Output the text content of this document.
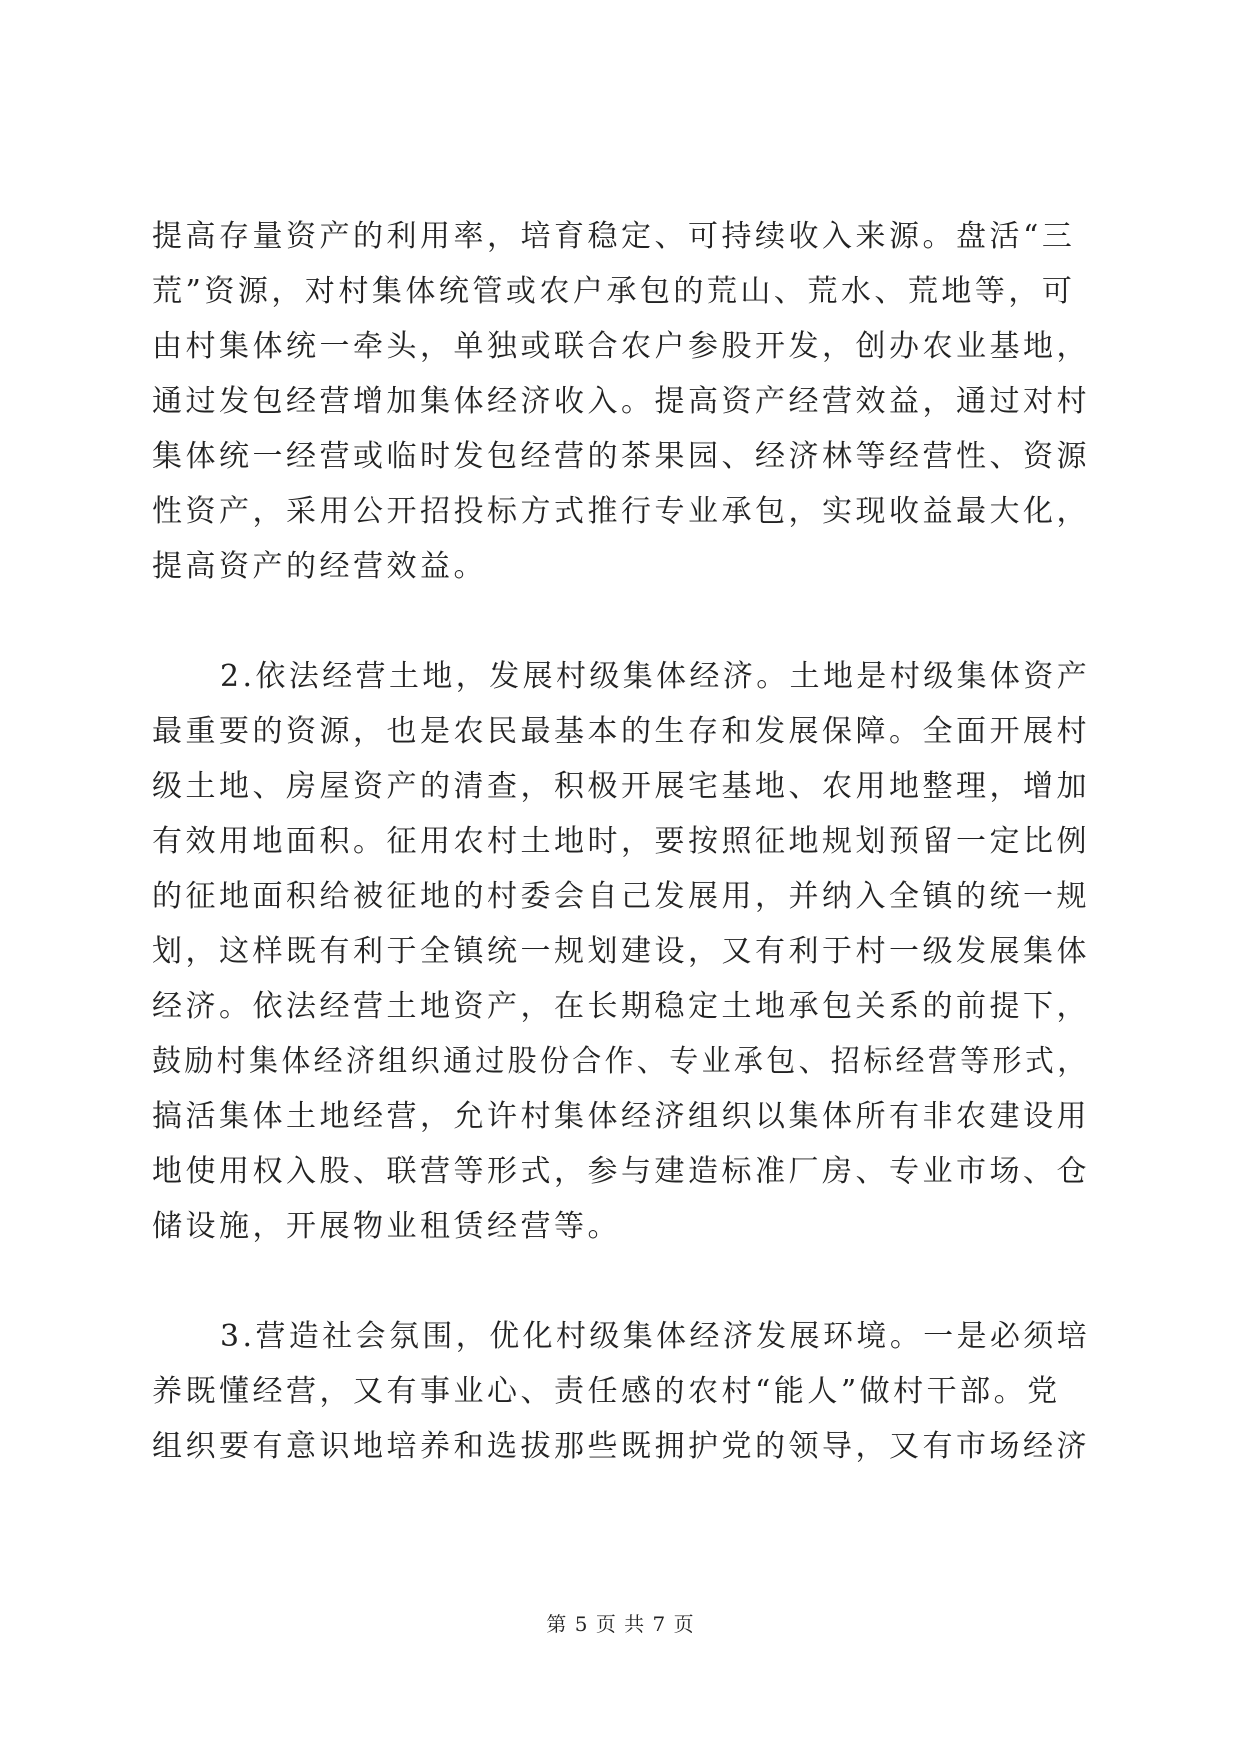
提高存量资产的利用率，培育稳定、可持续收入来源。盘活“三
荒”资源，对村集体统管或农户承包的荒山、荒水、荒地等，可
由村集体统一牵头，单独或联合农户参股开发，创办农业基地，
通过发包经营增加集体经济收入。提高资产经营效益，通过对村
集体统一经营或临时发包经营的茶果园、经济林等经营性、资源
性资产，采用公开招投标方式推行专业承包，实现收益最大化，
提高资产的经营效益。
2.依法经营土地，发展村级集体经济。土地是村级集体资产
最重要的资源，也是农民最基本的生存和发展保障。全面开展村
级土地、房屋资产的清查，积极开展宅基地、农用地整理，增加
有效用地面积。征用农村土地时，要按照征地规划预留一定比例
的征地面积给被征地的村委会自己发展用，并纳入全镇的统一规
划，这样既有利于全镇统一规划建设，又有利于村一级发展集体
经济。依法经营土地资产，在长期稳定土地承包关系的前提下，
鼓励村集体经济组织通过股份合作、专业承包、招标经营等形式，
搞活集体土地经营，允许村集体经济组织以集体所有非农建设用
地使用权入股、联营等形式，参与建造标准厂房、专业市场、仓
储设施，开展物业租赁经营等。
3.营造社会氛围，优化村级集体经济发展环境。一是必须培
养既懂经营，又有事业心、责任感的农村“能人”做村干部。党
组织要有意识地培养和选拔那些既拥护党的领导，又有市场经济
第 5 页 共 7 页
